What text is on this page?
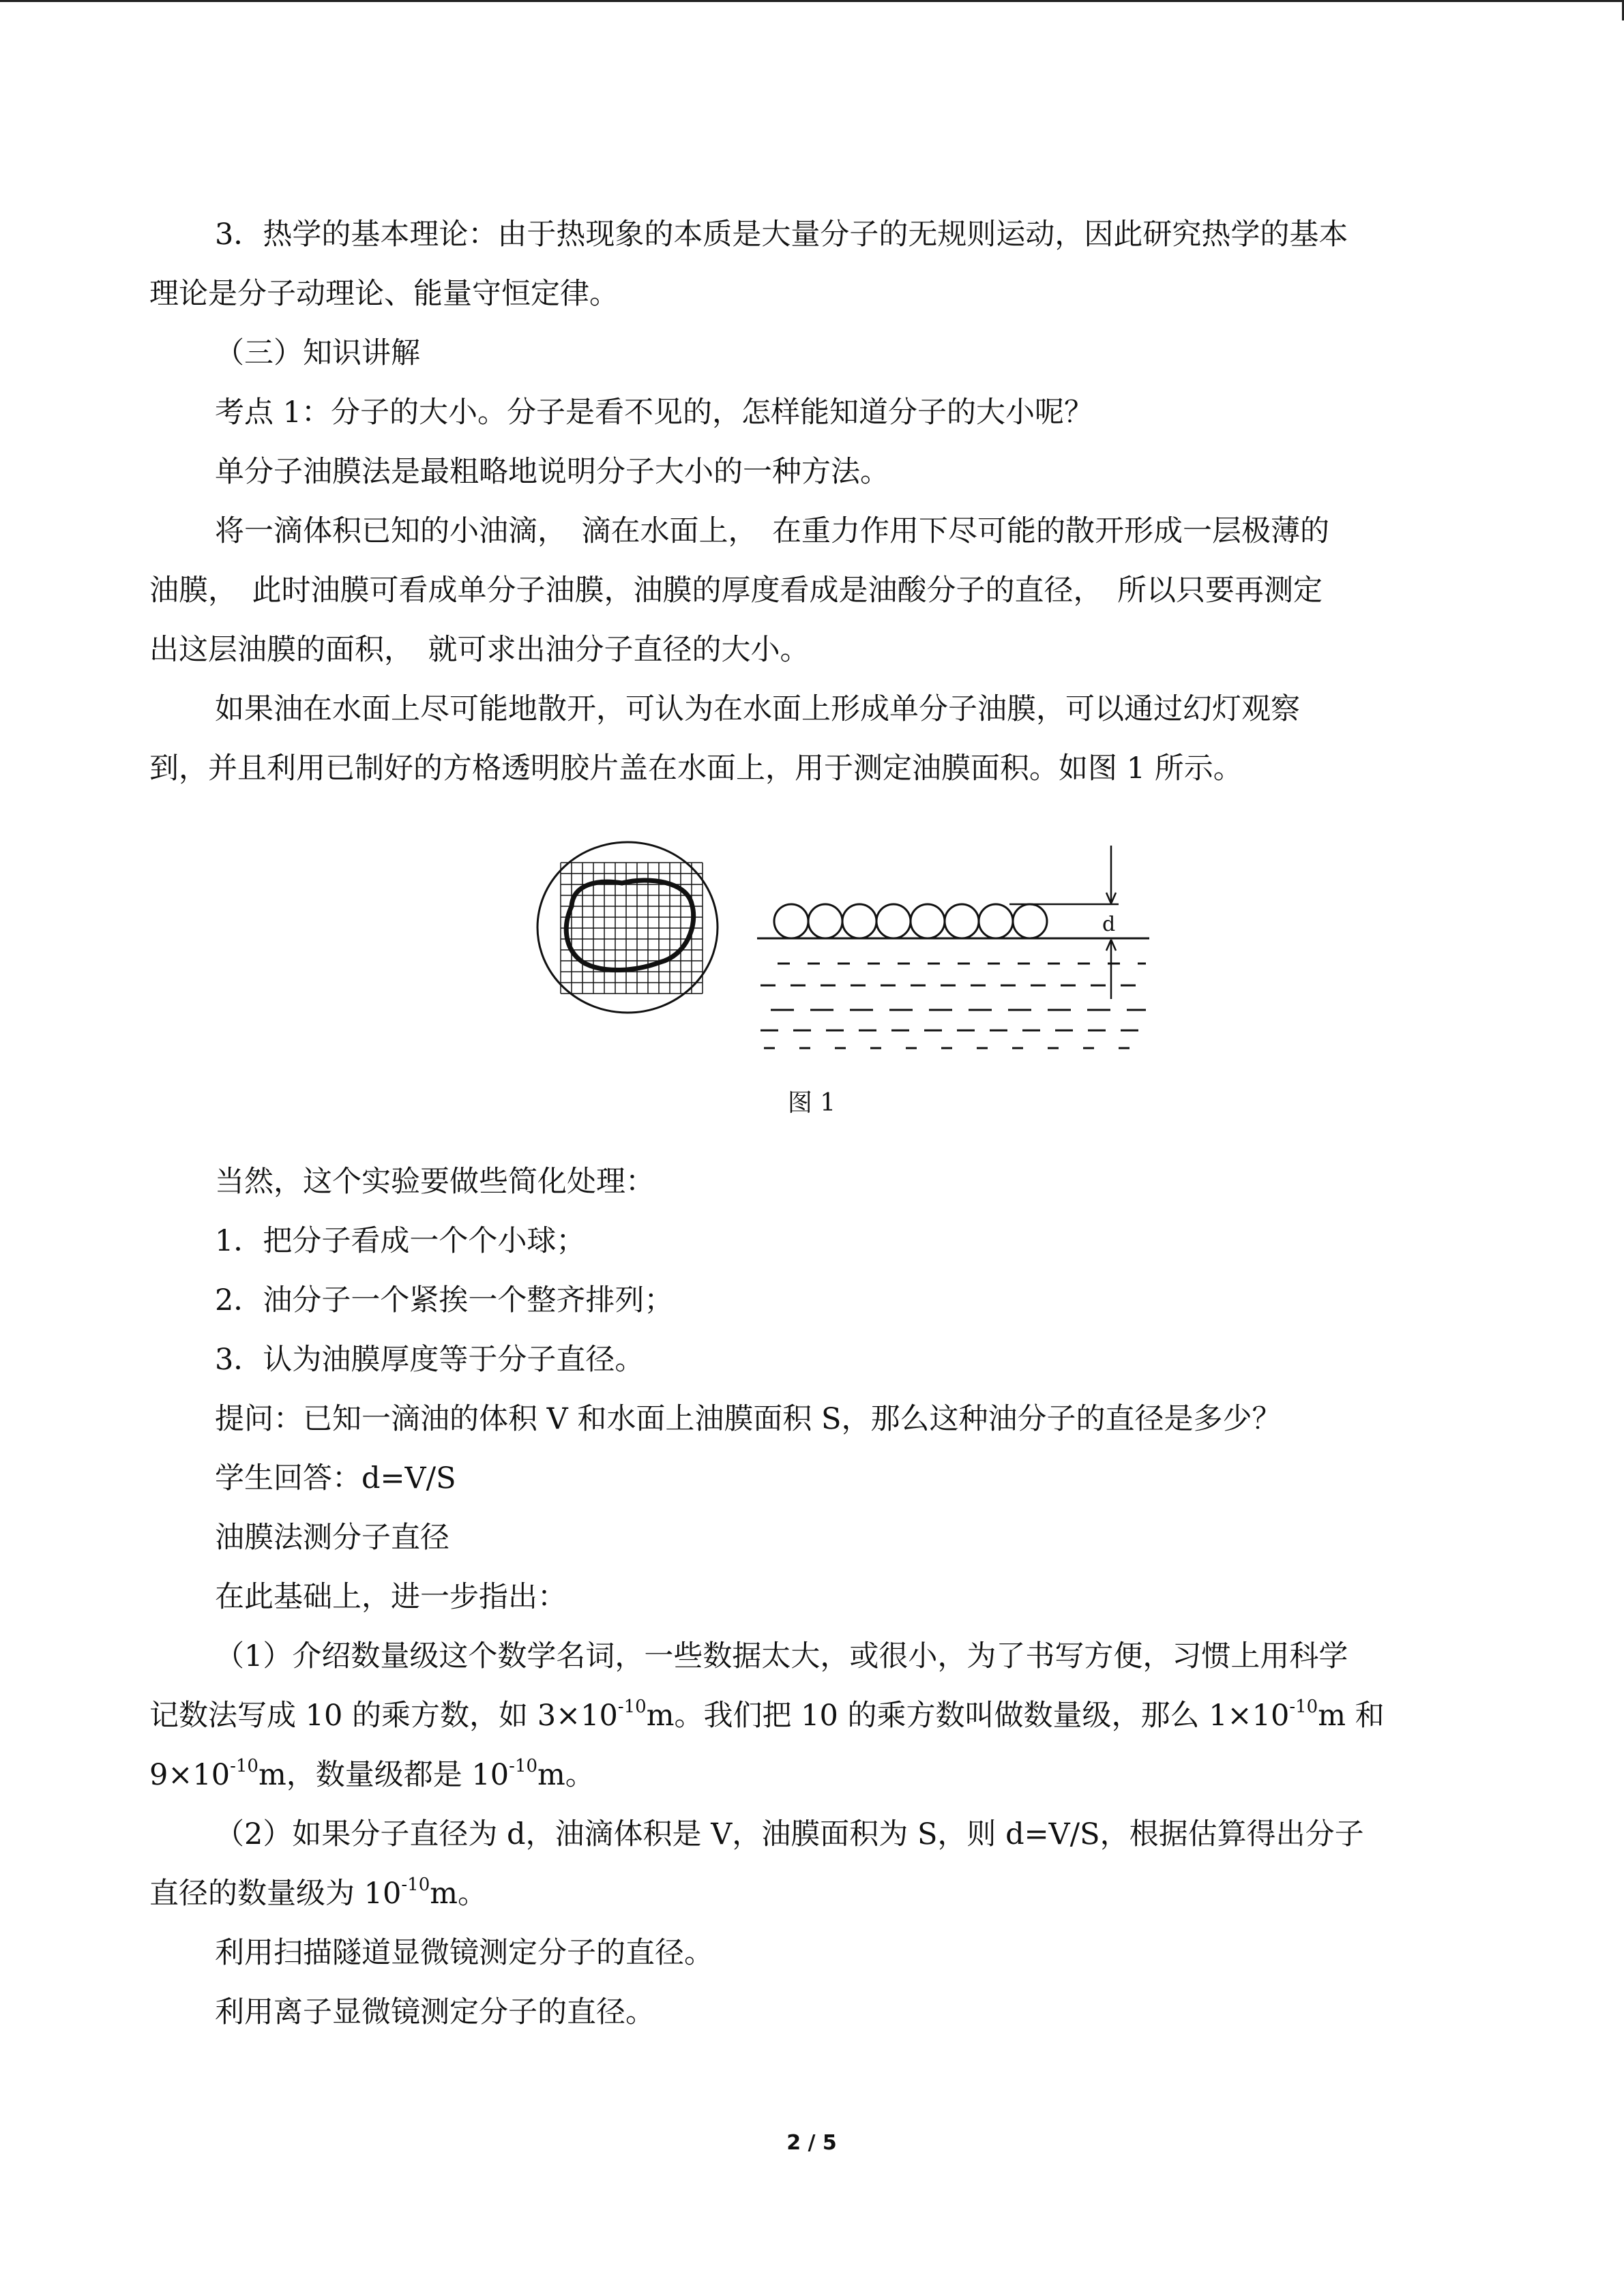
3．热学的基本理论：由于热现象的本质是大量分子的无规则运动，因此研究热学的基本

理论是分子动理论、能量守恒定律。

（三）知识讲解

考点 1：分子的大小。分子是看不见的，怎样能知道分子的大小呢？

单分子油膜法是最粗略地说明分子大小的一种方法。

将一滴体积已知的小油滴，　滴在水面上，　在重力作用下尽可能的散开形成一层极薄的

油膜，　此时油膜可看成单分子油膜，油膜的厚度看成是油酸分子的直径，　所以只要再测定

出这层油膜的面积，　就可求出油分子直径的大小。

如果油在水面上尽可能地散开，可认为在水面上形成单分子油膜，可以通过幻灯观察

到，并且利用已制好的方格透明胶片盖在水面上，用于测定油膜面积。如图 1 所示。

d
图 1

当然，这个实验要做些简化处理：

1．把分子看成一个个小球；

2．油分子一个紧挨一个整齐排列；

3．认为油膜厚度等于分子直径。

提问：已知一滴油的体积 V 和水面上油膜面积 S，那么这种油分子的直径是多少？

学生回答：d=V/S

油膜法测分子直径

在此基础上，进一步指出：

（1）介绍数量级这个数学名词，一些数据太大，或很小，为了书写方便，习惯上用科学

记数法写成 10 的乘方数，如 $3\times 10^{-10}m$。我们把 10 的乘方数叫做数量级，那么 $1\times 10^{-10}m$ 和

$9\times 10^{-10}m$，数量级都是 $10^{-10}m$。

（2）如果分子直径为 d，油滴体积是 V，油膜面积为 S，则 d=V/S，根据估算得出分子

直径的数量级为 $10^{-10}m$。

利用扫描隧道显微镜测定分子的直径。

利用离子显微镜测定分子的直径。

2 / 5
